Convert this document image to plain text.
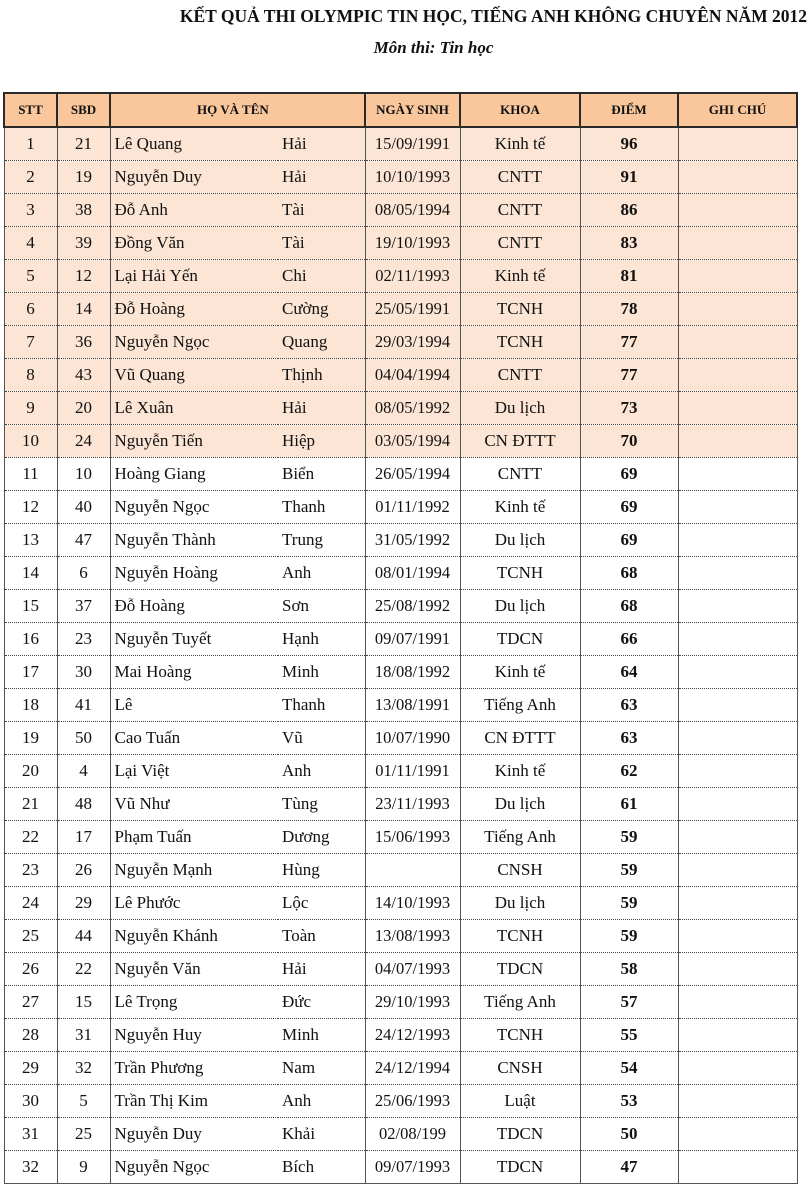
KẾT QUẢ THI OLYMPIC TIN HỌC, TIẾNG ANH KHÔNG CHUYÊN NĂM 2012
Môn thi: Tin học
STT	SBD	HỌ VÀ TÊN		NGÀY SINH	KHOA	ĐIỂM	GHI CHÚ
1	21	Lê Quang	Hải	15/09/1991	Kinh tế	96	
2	19	Nguyễn Duy	Hải	10/10/1993	CNTT	91	
3	38	Đỗ Anh	Tài	08/05/1994	CNTT	86	
4	39	Đồng Văn	Tài	19/10/1993	CNTT	83	
5	12	Lại Hải Yến	Chi	02/11/1993	Kinh tế	81	
6	14	Đỗ Hoàng	Cường	25/05/1991	TCNH	78	
7	36	Nguyễn Ngọc	Quang	29/03/1994	TCNH	77	
8	43	Vũ Quang	Thịnh	04/04/1994	CNTT	77	
9	20	Lê Xuân	Hải	08/05/1992	Du lịch	73	
10	24	Nguyễn Tiến	Hiệp	03/05/1994	CN ĐTTT	70	
11	10	Hoàng Giang	Biển	26/05/1994	CNTT	69	
12	40	Nguyễn Ngọc	Thanh	01/11/1992	Kinh tế	69	
13	47	Nguyễn Thành	Trung	31/05/1992	Du lịch	69	
14	6	Nguyễn Hoàng	Anh	08/01/1994	TCNH	68	
15	37	Đỗ Hoàng	Sơn	25/08/1992	Du lịch	68	
16	23	Nguyễn Tuyết	Hạnh	09/07/1991	TDCN	66	
17	30	Mai Hoàng	Minh	18/08/1992	Kinh tế	64	
18	41	Lê	Thanh	13/08/1991	Tiếng Anh	63	
19	50	Cao Tuấn	Vũ	10/07/1990	CN ĐTTT	63	
20	4	Lại Việt	Anh	01/11/1991	Kinh tế	62	
21	48	Vũ Như	Tùng	23/11/1993	Du lịch	61	
22	17	Phạm Tuấn	Dương	15/06/1993	Tiếng Anh	59	
23	26	Nguyễn Mạnh	Hùng		CNSH	59	
24	29	Lê Phước	Lộc	14/10/1993	Du lịch	59	
25	44	Nguyễn Khánh	Toàn	13/08/1993	TCNH	59	
26	22	Nguyễn Văn	Hải	04/07/1993	TDCN	58	
27	15	Lê Trọng	Đức	29/10/1993	Tiếng Anh	57	
28	31	Nguyễn Huy	Minh	24/12/1993	TCNH	55	
29	32	Trần Phương	Nam	24/12/1994	CNSH	54	
30	5	Trần Thị Kim	Anh	25/06/1993	Luật	53	
31	25	Nguyễn Duy	Khải	02/08/199	TDCN	50	
32	9	Nguyễn Ngọc	Bích	09/07/1993	TDCN	47	
